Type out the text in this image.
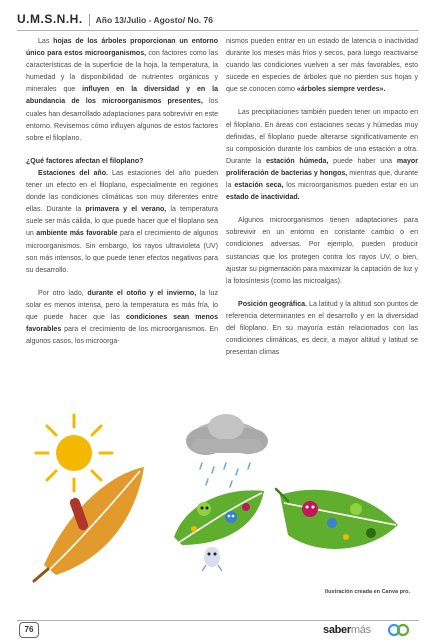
U.M.S.N.H. Año 13/Julio - Agosto/ No. 76

Las hojas de los árboles proporcionan un entorno único para estos microorganismos, con factores como las características de la superficie de la hoja, la temperatura, la humedad y la disponibilidad de nutrientes orgánicos y minerales que influyen en la diversidad y en la abundancia de los microorganismos presentes, los cuales han desarrollado adaptaciones para sobrevivir en este entorno. Revisemos cómo influyen algunos de estos factores sobre el filoplano.

¿Qué factores afectan el filoplano?

Estaciones del año. Las estaciones del año pueden tener un efecto en el filoplano, especialmente en regiones donde las condiciones climáticas son muy diferentes entre ellas. Durante la primavera y el verano, la temperatura suele ser más cálida, lo que puede hacer que el filoplano sea un ambiente más favorable para el crecimiento de algunos microorganismos. Sin embargo, los rayos ultravioleta (UV) son más intensos, lo que puede tener efectos negativos para su desarrollo.

Por otro lado, durante el otoño y el invierno, la luz solar es menos intensa, pero la temperatura es más fría, lo que puede hacer que las condiciones sean menos favorables para el crecimiento de los microorganismos. En algunos casos, los microorga-

nismos pueden entrar en un estado de latencia o inactividad durante los meses más fríos y secos, para luego reactivarse cuando las condiciones vuelven a ser más favorables, esto sucede en especies de árboles que no pierden sus hojas y que se conocen como «árboles siempre verdes».

Las precipitaciones también pueden tener un impacto en el filoplano. En áreas con estaciones secas y húmedas muy definidas, el filoplano puede alterarse significativamente en su composición durante los cambios de una estación a otra. Durante la estación húmeda, puede haber una mayor proliferación de bacterias y hongos, mientras que, durante la estación seca, los microorganismos pueden estar en un estado de inactividad.

Algunos microorganismos tienen adaptaciones para sobrevivir en un entorno en constante cambio o en condiciones adversas. Por ejemplo, pueden producir sustancias que los protegen contra los rayos UV, o bien, ajustar su pigmentación para maximizar la captación de luz y la fotosíntesis (como las microalgas).

Posición geográfica. La latitud y la altitud son puntos de referencia determinantes en el desarrollo y en la diversidad del filoplano. En su mayoría están relacionados con las condiciones climáticas, es decir, a mayor altitud y latitud se presentan climas

Ilustración creada en Canva pro.
76	sabermás
